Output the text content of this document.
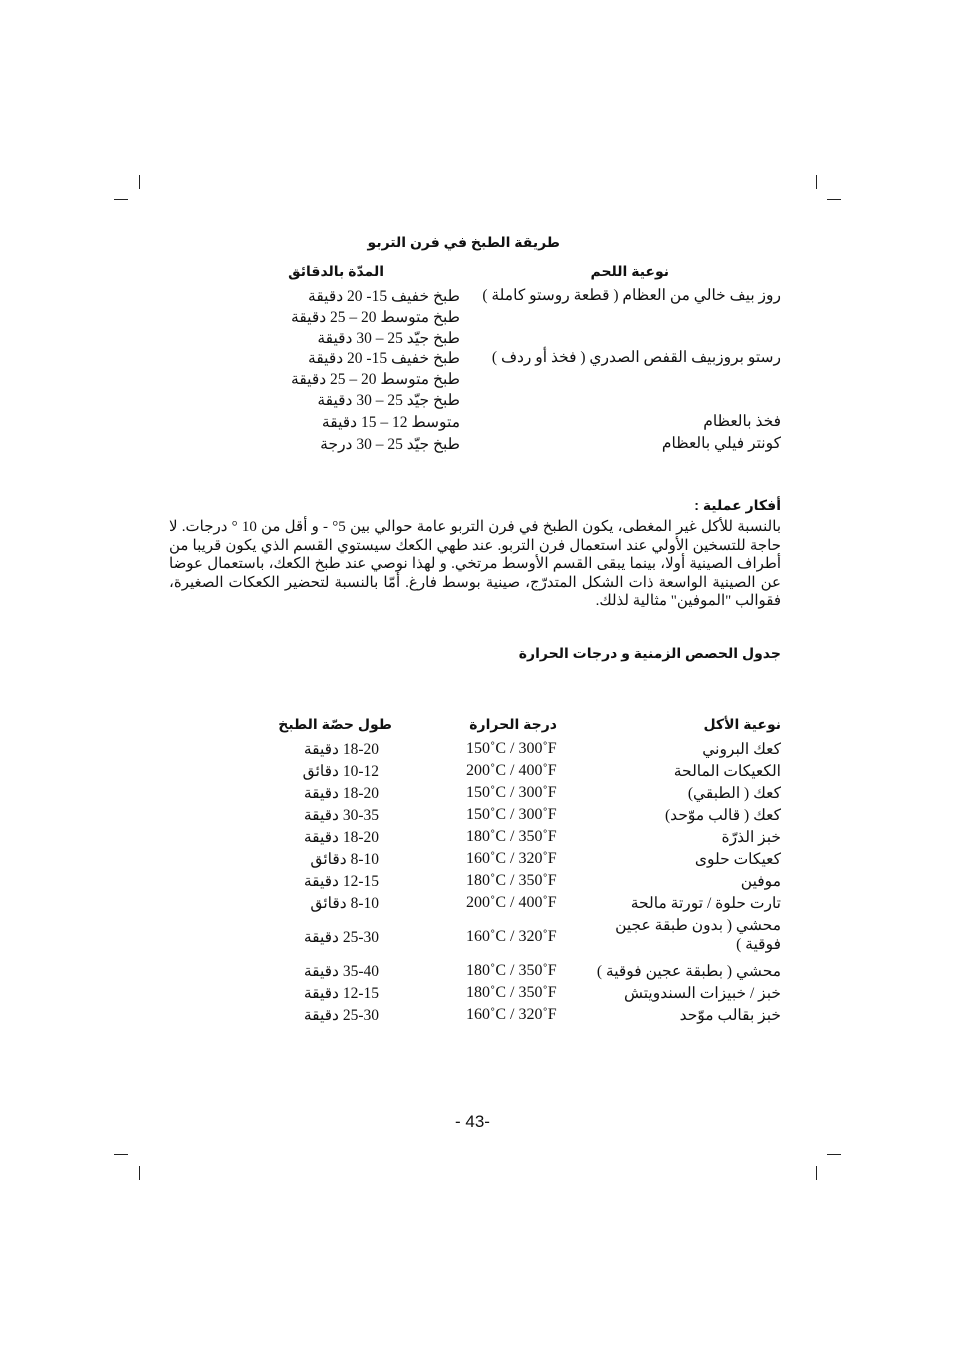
طريقة الطبخ في فرن التربو
نوعية اللحم
المدّة بالدقائق
روز بيف خالي من العظام ( قطعة روستو كاملة )
رستو بروزبيف القفص الصدري ( فخذ أو ردف )
فخذ بالعظام
كونتر فيلي بالعظام
طبخ خفيف 15- 20 دقيقة
طبخ متوسط 20 – 25 دقيقة
طبخ جيّد 25 – 30 دقيقة
طبخ خفيف 15- 20 دقيقة
طبخ متوسط 20 – 25 دقيقة
طبخ جيّد 25 – 30 دقيقة
متوسط 12 – 15 دقيقة
طبخ جيّد 25 – 30 درجة
أفكار عملية :
بالنسبة للأكل غير المغطى، يكون الطبخ في فرن التربو عامة حوالي بين 5° - و أقل من 10 ° درجات. لا حاجة للتسخين الأولي عند استعمال فرن التربو. عند طهي الكعك سيستوي القسم الذي يكون قريبا من أطراف الصينية أولا، بينما يبقى القسم الأوسط مرتخي. و لهذا نوصي عند طبخ الكعك، باستعمال عوضا عن الصينية الواسعة ذات الشكل المتدرّج، صينية بوسط فارغ. أمّا بالنسبة لتحضير الكعكات الصغيرة، فقوالب "الموفين" مثالية لذلك.
جدول الحصص الزمنية و درجات الحرارة
نوعية الأكل
درجة الحرارة
طول حصّة الطبخ
كعك البروني
150˚C / 300˚F
18-20 دقيقة
الكعيكات المالحة
200˚C / 400˚F
10-12 دقائق
كعك ( الطبقي)
150˚C / 300˚F
18-20 دقيقة
كعك ( قالب موّحد)
150˚C / 300˚F
30-35 دقيقة
خبز الذرّة
180˚C / 350˚F
18-20 دقيقة
كعيكات حلوى
160˚C / 320˚F
8-10 دقائق
موفين
180˚C / 350˚F
12-15 دقيقة
تارت حلوة / تورتة مالحة
200˚C / 400˚F
8-10 دقائق
محشي ( بدون طبقة عجين فوقية )
160˚C / 320˚F
25-30 دقيقة
محشي ( بطبقة عجين فوقية )
180˚C / 350˚F
35-40 دقيقة
خبز / خبيزات السندويتش
180˚C / 350˚F
12-15 دقيقة
خبز بقالب موّحد
160˚C / 320˚F
25-30 دقيقة
- 43-
